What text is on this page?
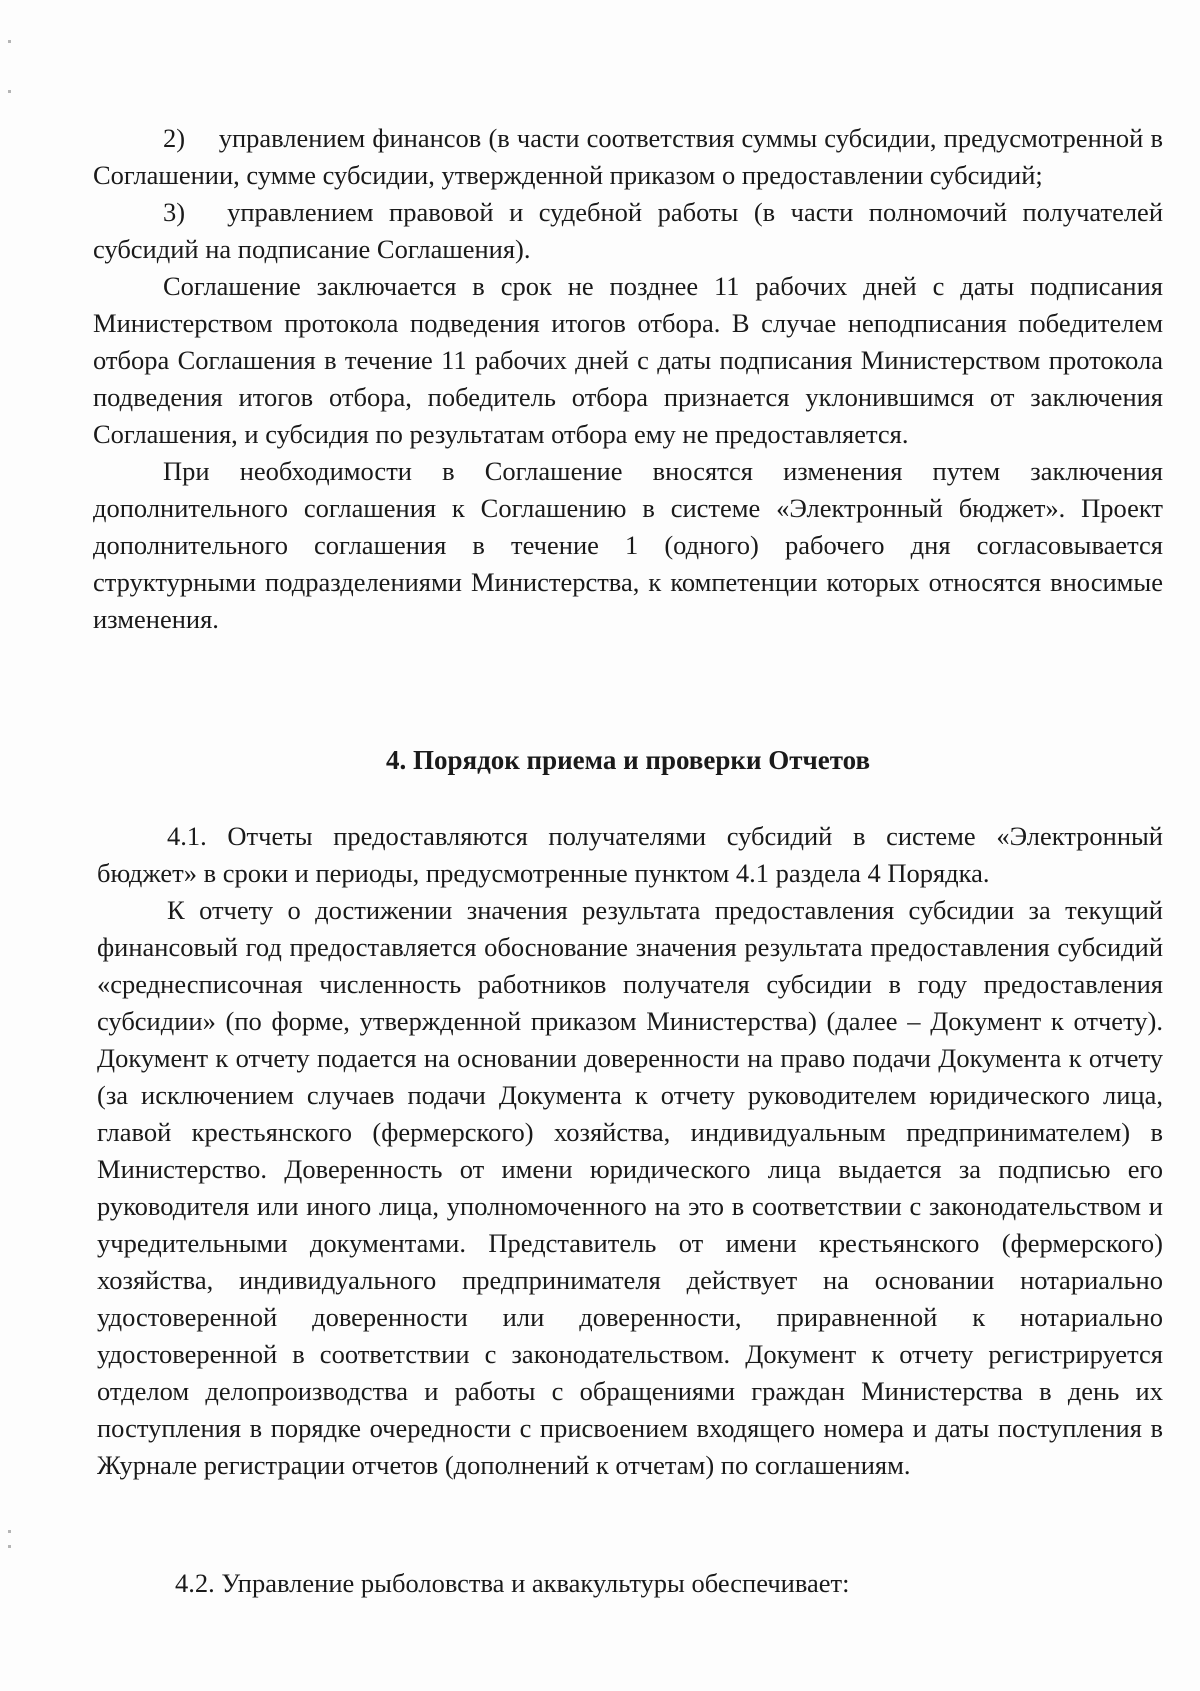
2)  управлением финансов (в части соответствия суммы субсидии, предусмотренной в Соглашении, сумме субсидии, утвержденной приказом о предоставлении субсидий;

3)  управлением правовой и судебной работы (в части полномочий получателей субсидий на подписание Соглашения).

Соглашение заключается в срок не позднее 11 рабочих дней с даты подписания Министерством протокола подведения итогов отбора. В случае неподписания победителем отбора Соглашения в течение 11 рабочих дней с даты подписания Министерством протокола подведения итогов отбора, победитель отбора признается уклонившимся от заключения Соглашения, и субсидия по результатам отбора ему не предоставляется.

При необходимости в Соглашение вносятся изменения путем заключения дополнительного соглашения к Соглашению в системе «Электронный бюджет». Проект дополнительного соглашения в течение 1 (одного) рабочего дня согласовывается структурными подразделениями Министерства, к компетенции которых относятся вносимые изменения.

4. Порядок приема и проверки Отчетов

4.1. Отчеты предоставляются получателями субсидий в системе «Электронный бюджет» в сроки и периоды, предусмотренные пунктом 4.1 раздела 4 Порядка.

К отчету о достижении значения результата предоставления субсидии за текущий финансовый год предоставляется обоснование значения результата предоставления субсидий «среднесписочная численность работников получателя субсидии в году предоставления субсидии» (по форме, утвержденной приказом Министерства) (далее – Документ к отчету). Документ к отчету подается на основании доверенности на право подачи Документа к отчету (за исключением случаев подачи Документа к отчету руководителем юридического лица, главой крестьянского (фермерского) хозяйства, индивидуальным предпринимателем) в Министерство. Доверенность от имени юридического лица выдается за подписью его руководителя или иного лица, уполномоченного на это в соответствии с законодательством и учредительными документами. Представитель от имени крестьянского (фермерского) хозяйства, индивидуального предпринимателя действует на основании нотариально удостоверенной доверенности или доверенности, приравненной к нотариально удостоверенной в соответствии с законодательством. Документ к отчету регистрируется отделом делопроизводства и работы с обращениями граждан Министерства в день их поступления в порядке очередности с присвоением входящего номера и даты поступления в Журнале регистрации отчетов (дополнений к отчетам) по соглашениям.

4.2. Управление рыболовства и аквакультуры обеспечивает:
